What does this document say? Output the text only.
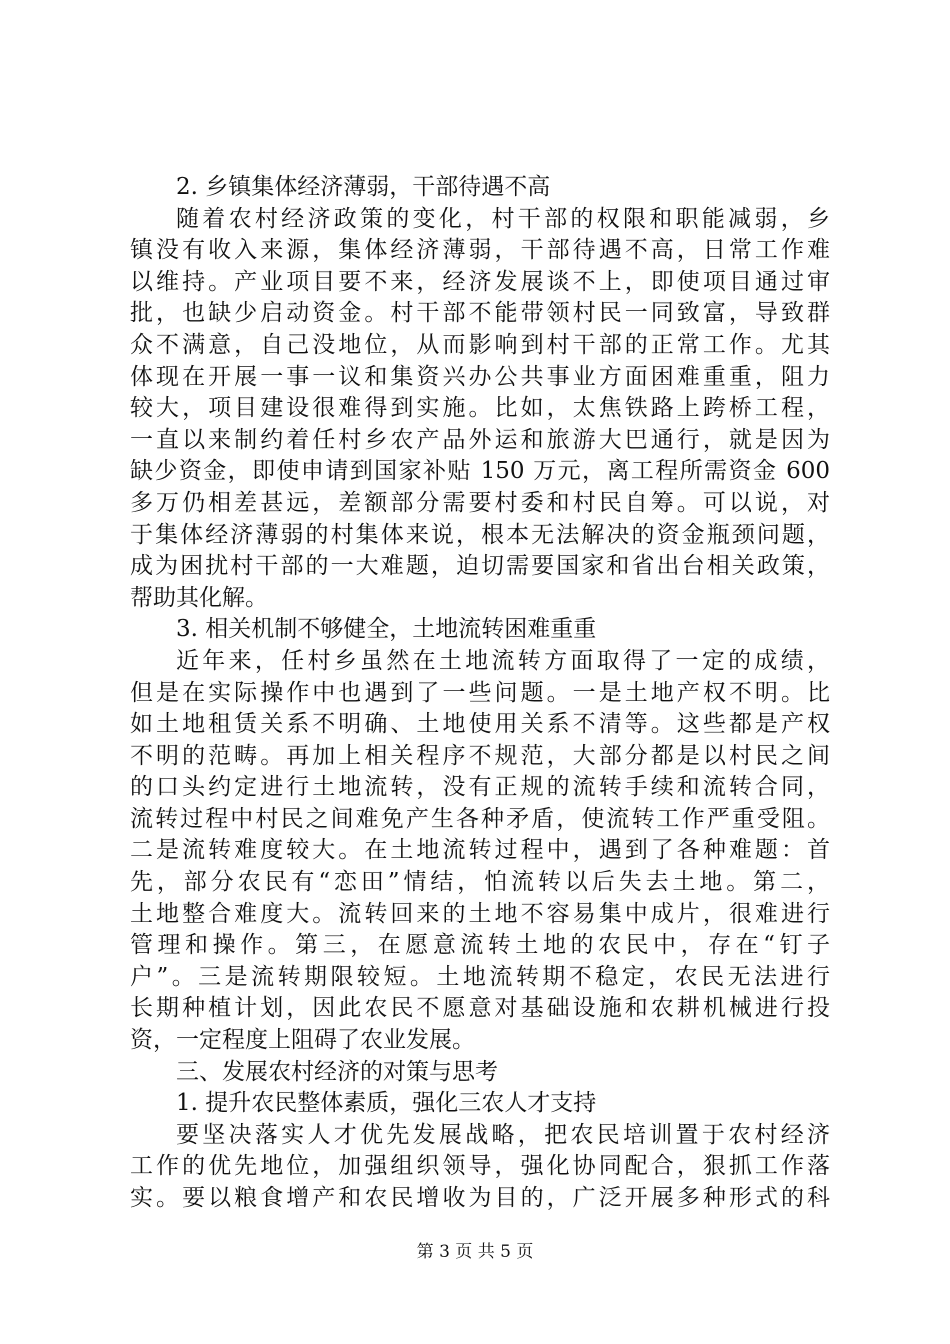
2. 乡镇集体经济薄弱，干部待遇不高
随着农村经济政策的变化，村干部的权限和职能减弱，乡
镇没有收入来源，集体经济薄弱，干部待遇不高，日常工作难
以维持。产业项目要不来，经济发展谈不上，即使项目通过审
批，也缺少启动资金。村干部不能带领村民一同致富，导致群
众不满意，自己没地位，从而影响到村干部的正常工作。尤其
体现在开展一事一议和集资兴办公共事业方面困难重重，阻力
较大，项目建设很难得到实施。比如，太焦铁路上跨桥工程，
一直以来制约着任村乡农产品外运和旅游大巴通行，就是因为
缺少资金，即使申请到国家补贴 150 万元，离工程所需资金 600
多万仍相差甚远，差额部分需要村委和村民自筹。可以说，对
于集体经济薄弱的村集体来说，根本无法解决的资金瓶颈问题，
成为困扰村干部的一大难题，迫切需要国家和省出台相关政策，
帮助其化解。
3. 相关机制不够健全，土地流转困难重重
近年来，任村乡虽然在土地流转方面取得了一定的成绩，
但是在实际操作中也遇到了一些问题。一是土地产权不明。比
如土地租赁关系不明确、土地使用关系不清等。这些都是产权
不明的范畴。再加上相关程序不规范，大部分都是以村民之间
的口头约定进行土地流转，没有正规的流转手续和流转合同，
流转过程中村民之间难免产生各种矛盾，使流转工作严重受阻。
二是流转难度较大。在土地流转过程中，遇到了各种难题：首
先，部分农民有“恋田”情结，怕流转以后失去土地。第二，
土地整合难度大。流转回来的土地不容易集中成片，很难进行
管理和操作。第三，在愿意流转土地的农民中，存在“钉子
户”。三是流转期限较短。土地流转期不稳定，农民无法进行
长期种植计划，因此农民不愿意对基础设施和农耕机械进行投
资，一定程度上阻碍了农业发展。
三、发展农村经济的对策与思考
1. 提升农民整体素质，强化三农人才支持
要坚决落实人才优先发展战略，把农民培训置于农村经济
工作的优先地位，加强组织领导，强化协同配合，狠抓工作落
实。要以粮食增产和农民增收为目的，广泛开展多种形式的科
第 3 页 共 5 页
